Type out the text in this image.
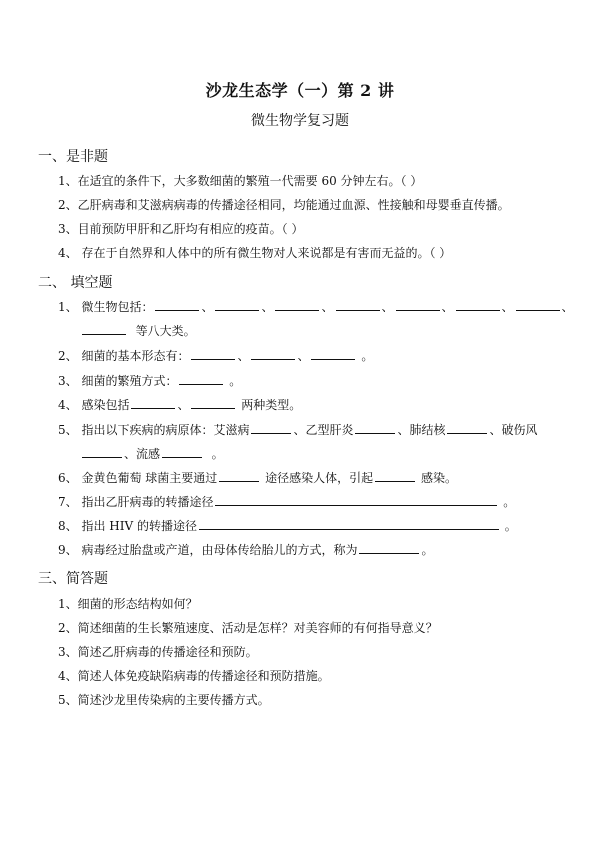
沙龙生态学（一）第 2 讲
微生物学复习题
一、是非题
1、在适宜的条件下，大多数细菌的繁殖一代需要 60 分钟左右。（ ）
2、乙肝病毒和艾滋病病毒的传播途径相同，均能通过血源、性接触和母婴垂直传播。
3、目前预防甲肝和乙肝均有相应的疫苗。（ ）
4、 存在于自然界和人体中的所有微生物对人来说都是有害而无益的。（ ）
二、 填空题
1、 微生物包括：	、	、	、	、	、	、	、
等八大类。
2、 细菌的基本形态有：	、	、	。
3、 细菌的繁殖方式：	。
4、 感染包括	、	两种类型。
5、 指出以下疾病的病原体：艾滋病	、乙型肝炎	、肺结核	、破伤风
、流感	。
6、 金黄色葡萄 球菌主要通过	途径感染人体，引起	感染。
7、 指出乙肝病毒的转播途径	。
8、 指出 HIV 的转播途径	。
9、 病毒经过胎盘或产道，由母体传给胎儿的方式，称为	。
三、简答题
1、细菌的形态结构如何？
2、简述细菌的生长繁殖速度、活动是怎样？对美容师的有何指导意义？
3、简述乙肝病毒的传播途径和预防。
4、简述人体免疫缺陷病毒的传播途径和预防措施。
5、简述沙龙里传染病的主要传播方式。
